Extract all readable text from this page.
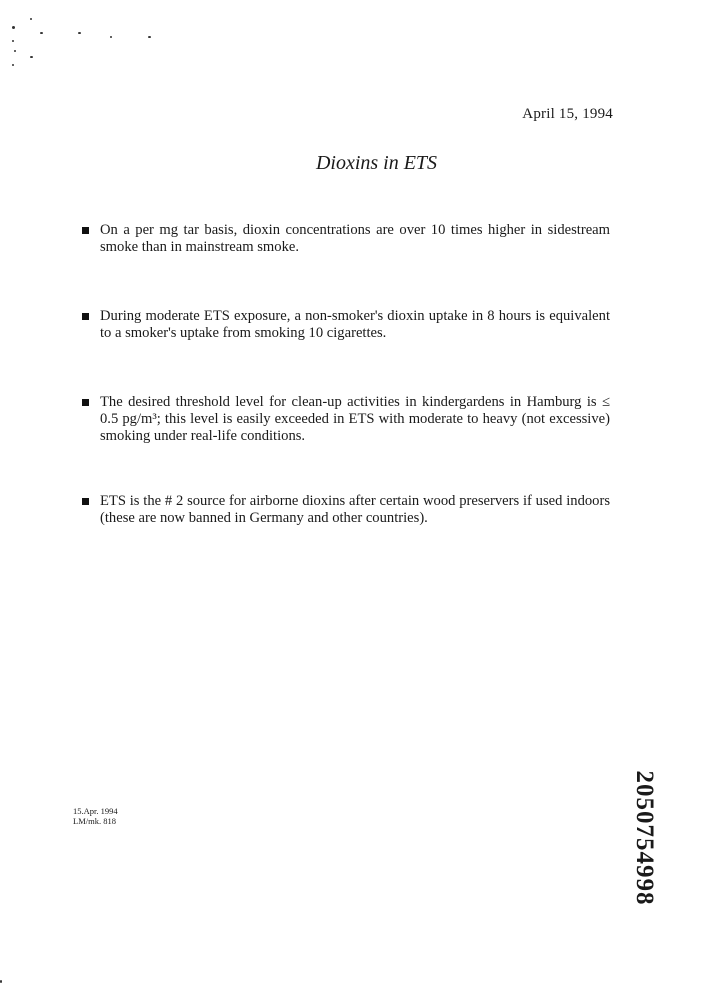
April 15, 1994
Dioxins in ETS
On a per mg tar basis, dioxin concentrations are over 10 times higher in sidestream smoke than in mainstream smoke.
During moderate ETS exposure, a non-smoker's dioxin uptake in 8 hours is equivalent to a smoker's uptake from smoking 10 cigarettes.
The desired threshold level for clean-up activities in kindergardens in Hamburg is ≤ 0.5 pg/m³; this level is easily exceeded in ETS with moderate to heavy (not excessive) smoking under real-life conditions.
ETS is the # 2 source for airborne dioxins after certain wood preservers if used indoors (these are now banned in Germany and other countries).
15.Apr. 1994
LM/mk. 818	2050754998
